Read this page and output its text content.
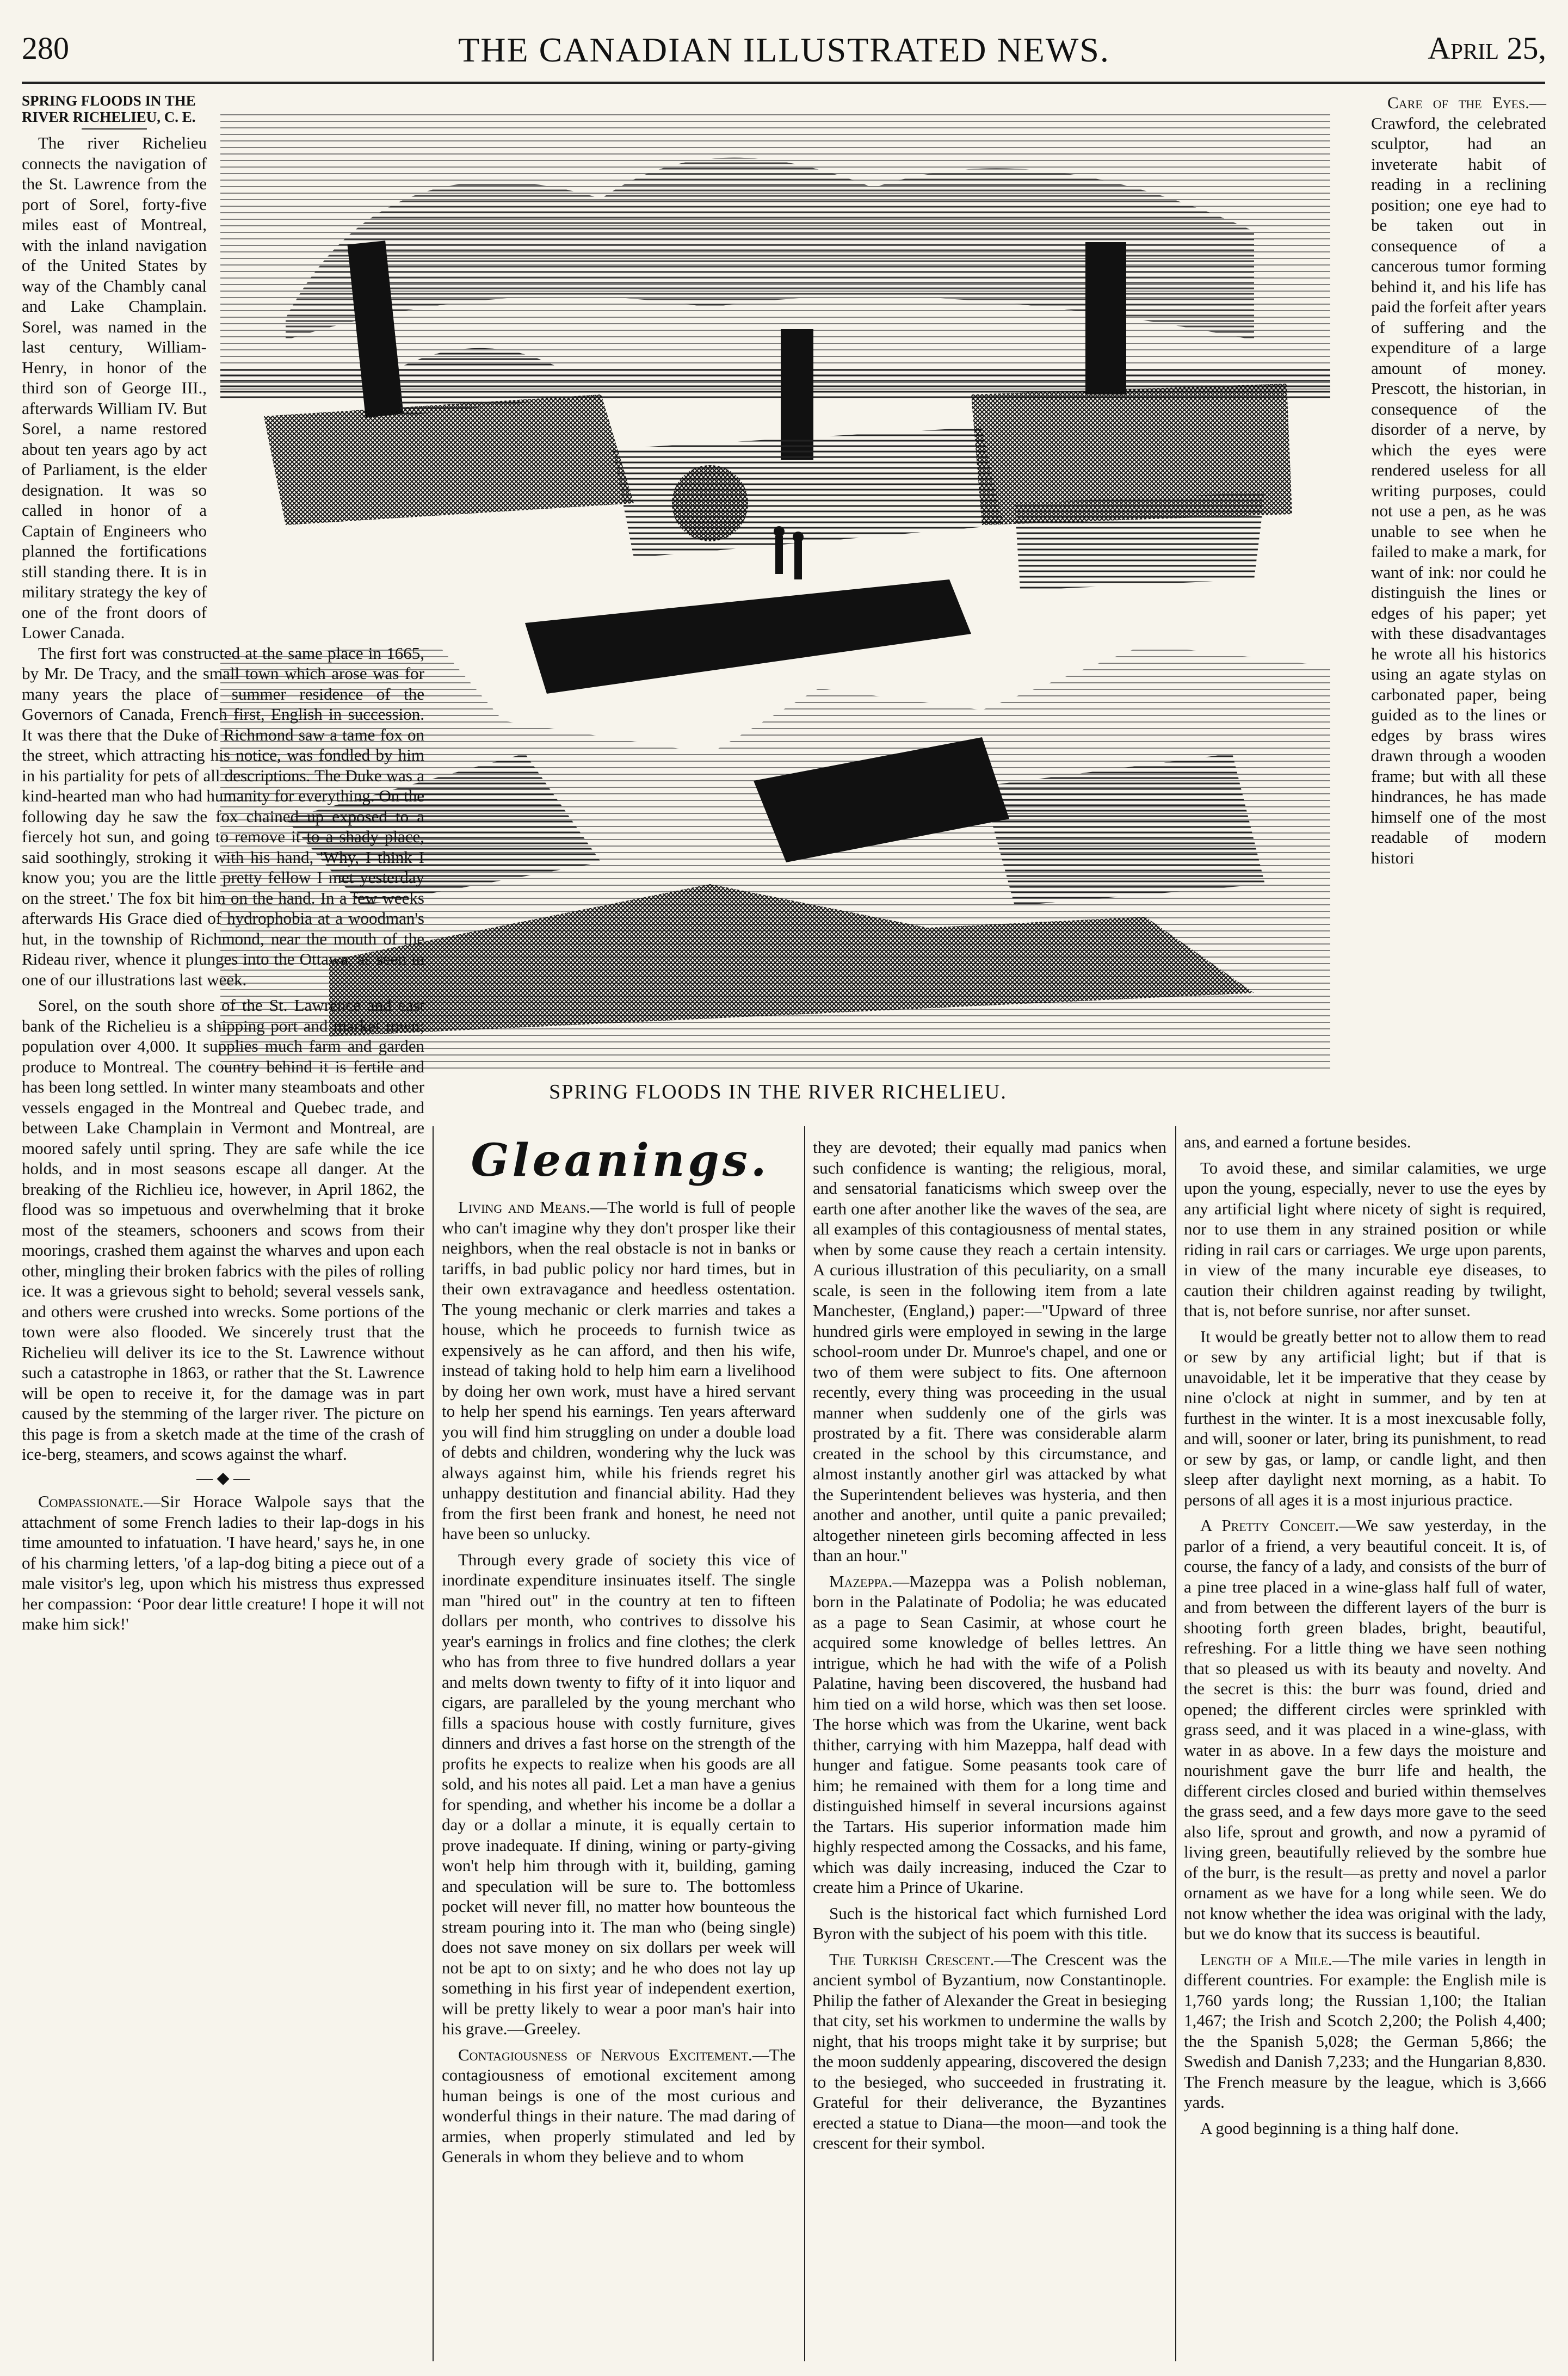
280	THE CANADIAN ILLUSTRATED NEWS.	April 25,
SPRING FLOODS IN THE RIVER RICHELIEU.
SPRING FLOODS IN THE RIVER RICHELIEU, C. E.

The river Richelieu connects the navigation of the St. Lawrence from the port of Sorel, forty-five miles east of Montreal, with the inland navigation of the United States by way of the Chambly canal and Lake Champlain. Sorel, was named in the last century, William-Henry, in honor of the third son of George III., afterwards William IV. But Sorel, a name restored about ten years ago by act of Parliament, is the elder designation. It was so called in honor of a Captain of Engineers who planned the fortifications still standing there. It is in military strategy the key of one of the front doors of Lower Canada.

The first fort was constructed at the same place in 1665, by Mr. De Tracy, and the small town which arose was for many years the place of summer residence of the Governors of Canada, French first, English in succession. It was there that the Duke of Richmond saw a tame fox on the street, which attracting his notice, was fondled by him in his partiality for pets of all descriptions. The Duke was a kind-hearted man who had humanity for everything. On the following day he saw the fox chained up exposed to a fiercely hot sun, and going to remove it to a shady place, said soothingly, stroking it with his hand, 'Why, I think I know you; you are the little pretty fellow I met yesterday on the street.' The fox bit him on the hand. In a few weeks afterwards His Grace died of hydrophobia at a woodman's hut, in the township of Richmond, near the mouth of the Rideau river, whence it plunges into the Ottawa, as seen in one of our illustrations last week.

Sorel, on the south shore of the St. Lawrence and east bank of the Richelieu is a shipping port and market town; population over 4,000. It supplies much farm and garden produce to Montreal. The country behind it is fertile and has been long settled. In winter many steamboats and other vessels engaged in the Montreal and Quebec trade, and between Lake Champlain in Vermont and Montreal, are moored safely until spring. They are safe while the ice holds, and in most seasons escape all danger. At the breaking of the Richlieu ice, however, in April 1862, the flood was so impetuous and overwhelming that it broke most of the steamers, schooners and scows from their moorings, crashed them against the wharves and upon each other, mingling their broken fabrics with the piles of rolling ice. It was a grievous sight to behold; several vessels sank, and others were crushed into wrecks. Some portions of the town were also flooded. We sincerely trust that the Richelieu will deliver its ice to the St. Lawrence without such a catastrophe in 1863, or rather that the St. Lawrence will be open to receive it, for the damage was in part caused by the stemming of the larger river. The picture on this page is from a sketch made at the time of the crash of ice-berg, steamers, and scows against the wharf.

— ◆ —

Compassionate.—Sir Horace Walpole says that the attachment of some French ladies to their lap-dogs in his time amounted to infatuation. 'I have heard,' says he, in one of his charming letters, 'of a lap-dog biting a piece out of a male visitor's leg, upon which his mistress thus expressed her compassion: ‘Poor dear little creature! I hope it will not make him sick!'

Gleanings.

Living and Means.—The world is full of people who can't imagine why they don't prosper like their neighbors, when the real obstacle is not in banks or tariffs, in bad public policy nor hard times, but in their own extravagance and heedless ostentation. The young mechanic or clerk marries and takes a house, which he proceeds to furnish twice as expensively as he can afford, and then his wife, instead of taking hold to help him earn a livelihood by doing her own work, must have a hired servant to help her spend his earnings. Ten years afterward you will find him struggling on under a double load of debts and children, wondering why the luck was always against him, while his friends regret his unhappy destitution and financial ability. Had they from the first been frank and honest, he need not have been so unlucky.

Through every grade of society this vice of inordinate expenditure insinuates itself. The single man "hired out" in the country at ten to fifteen dollars per month, who contrives to dissolve his year's earnings in frolics and fine clothes; the clerk who has from three to five hundred dollars a year and melts down twenty to fifty of it into liquor and cigars, are paralleled by the young merchant who fills a spacious house with costly furniture, gives dinners and drives a fast horse on the strength of the profits he expects to realize when his goods are all sold, and his notes all paid. Let a man have a genius for spending, and whether his income be a dollar a day or a dollar a minute, it is equally certain to prove inadequate. If dining, wining or party-giving won't help him through with it, building, gaming and speculation will be sure to. The bottomless pocket will never fill, no matter how bounteous the stream pouring into it. The man who (being single) does not save money on six dollars per week will not be apt to on sixty; and he who does not lay up something in his first year of independent exertion, will be pretty likely to wear a poor man's hair into his grave.—Greeley.

Contagiousness of Nervous Excitement.—The contagiousness of emotional excitement among human beings is one of the most curious and wonderful things in their nature. The mad daring of armies, when properly stimulated and led by Generals in whom they believe and to whom

they are devoted; their equally mad panics when such confidence is wanting; the religious, moral, and sensatorial fanaticisms which sweep over the earth one after another like the waves of the sea, are all examples of this contagiousness of mental states, when by some cause they reach a certain intensity. A curious illustration of this peculiarity, on a small scale, is seen in the following item from a late Manchester, (England,) paper:—"Upward of three hundred girls were employed in sewing in the large school-room under Dr. Munroe's chapel, and one or two of them were subject to fits. One afternoon recently, every thing was proceeding in the usual manner when suddenly one of the girls was prostrated by a fit. There was considerable alarm created in the school by this circumstance, and almost instantly another girl was attacked by what the Superintendent believes was hysteria, and then another and another, until quite a panic prevailed; altogether nineteen girls becoming affected in less than an hour."

Mazeppa.—Mazeppa was a Polish nobleman, born in the Palatinate of Podolia; he was educated as a page to Sean Casimir, at whose court he acquired some knowledge of belles lettres. An intrigue, which he had with the wife of a Polish Palatine, having been discovered, the husband had him tied on a wild horse, which was then set loose. The horse which was from the Ukarine, went back thither, carrying with him Mazeppa, half dead with hunger and fatigue. Some peasants took care of him; he remained with them for a long time and distinguished himself in several incursions against the Tartars. His superior information made him highly respected among the Cossacks, and his fame, which was daily increasing, induced the Czar to create him a Prince of Ukarine.

Such is the historical fact which furnished Lord Byron with the subject of his poem with this title.

The Turkish Crescent.—The Crescent was the ancient symbol of Byzantium, now Constantinople. Philip the father of Alexander the Great in besieging that city, set his workmen to undermine the walls by night, that his troops might take it by surprise; but the moon suddenly appearing, discovered the design to the besieged, who succeeded in frustrating it. Grateful for their deliverance, the Byzantines erected a statue to Diana—the moon—and took the crescent for their symbol.

Care of the Eyes.—Crawford, the celebrated sculptor, had an inveterate habit of reading in a reclining position; one eye had to be taken out in consequence of a cancerous tumor forming behind it, and his life has paid the forfeit after years of suffering and the expenditure of a large amount of money. Prescott, the historian, in consequence of the disorder of a nerve, by which the eyes were rendered useless for all writing purposes, could not use a pen, as he was unable to see when he failed to make a mark, for want of ink: nor could he distinguish the lines or edges of his paper; yet with these disadvantages he wrote all his historics using an agate stylas on carbonated paper, being guided as to the lines or edges by brass wires drawn through a wooden frame; but with all these hindrances, he has made himself one of the most readable of modern histori

ans, and earned a fortune besides.

To avoid these, and similar calamities, we urge upon the young, especially, never to use the eyes by any artificial light where nicety of sight is required, nor to use them in any strained position or while riding in rail cars or carriages. We urge upon parents, in view of the many incurable eye diseases, to caution their children against reading by twilight, that is, not before sunrise, nor after sunset.

It would be greatly better not to allow them to read or sew by any artificial light; but if that is unavoidable, let it be imperative that they cease by nine o'clock at night in summer, and by ten at furthest in the winter. It is a most inexcusable folly, and will, sooner or later, bring its punishment, to read or sew by gas, or lamp, or candle light, and then sleep after daylight next morning, as a habit. To persons of all ages it is a most injurious practice.

A Pretty Conceit.—We saw yesterday, in the parlor of a friend, a very beautiful conceit. It is, of course, the fancy of a lady, and consists of the burr of a pine tree placed in a wine-glass half full of water, and from between the different layers of the burr is shooting forth green blades, bright, beautiful, refreshing. For a little thing we have seen nothing that so pleased us with its beauty and novelty. And the secret is this: the burr was found, dried and opened; the different circles were sprinkled with grass seed, and it was placed in a wine-glass, with water in as above. In a few days the moisture and nourishment gave the burr life and health, the different circles closed and buried within themselves the grass seed, and a few days more gave to the seed also life, sprout and growth, and now a pyramid of living green, beautifully relieved by the sombre hue of the burr, is the result—as pretty and novel a parlor ornament as we have for a long while seen. We do not know whether the idea was original with the lady, but we do know that its success is beautiful.

Length of a Mile.—The mile varies in length in different countries. For example: the English mile is 1,760 yards long; the Russian 1,100; the Italian 1,467; the Irish and Scotch 2,200; the Polish 4,400; the the Spanish 5,028; the German 5,866; the Swedish and Danish 7,233; and the Hungarian 8,830. The French measure by the league, which is 3,666 yards.

A good beginning is a thing half done.
